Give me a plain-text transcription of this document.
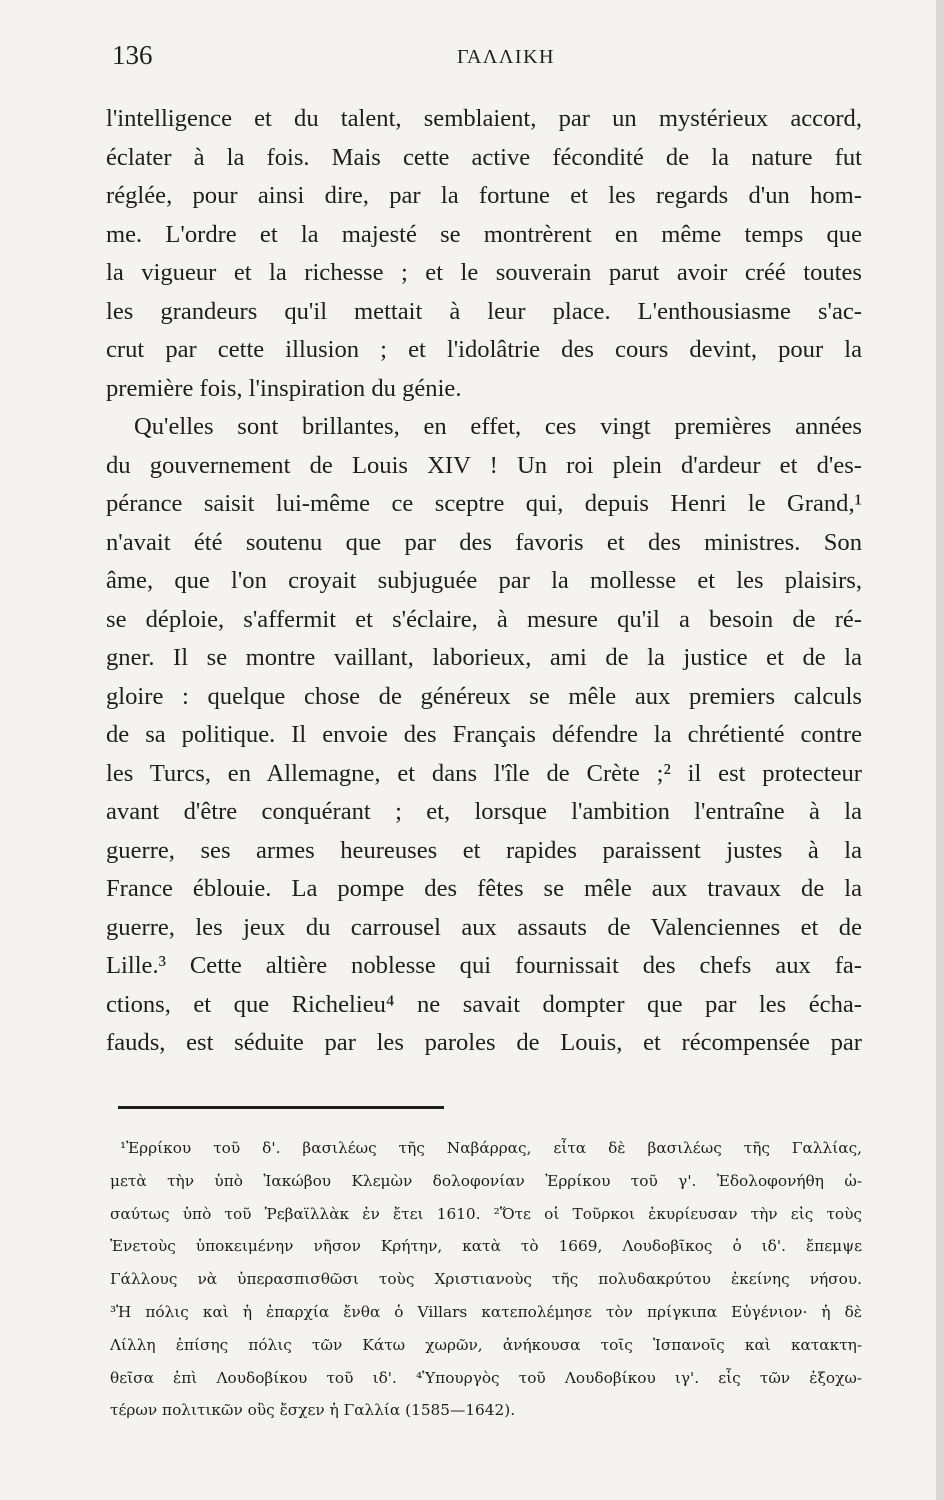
136	ΓΑΛΛΙΚΗ
l'intelligence et du talent, semblaient, par un mystérieux accord,
éclater à la fois. Mais cette active fécondité de la nature fut
réglée, pour ainsi dire, par la fortune et les regards d'un hom-
me. L'ordre et la majesté se montrèrent en même temps que
la vigueur et la richesse ; et le souverain parut avoir créé toutes
les grandeurs qu'il mettait à leur place. L'enthousiasme s'ac-
crut par cette illusion ; et l'idolâtrie des cours devint, pour la
première fois, l'inspiration du génie.
Qu'elles sont brillantes, en effet, ces vingt premières années
du gouvernement de Louis XIV ! Un roi plein d'ardeur et d'es-
pérance saisit lui-même ce sceptre qui, depuis Henri le Grand,¹
n'avait été soutenu que par des favoris et des ministres. Son
âme, que l'on croyait subjuguée par la mollesse et les plaisirs,
se déploie, s'affermit et s'éclaire, à mesure qu'il a besoin de ré-
gner. Il se montre vaillant, laborieux, ami de la justice et de la
gloire : quelque chose de généreux se mêle aux premiers calculs
de sa politique. Il envoie des Français défendre la chrétienté contre
les Turcs, en Allemagne, et dans l'île de Crète ;² il est protecteur
avant d'être conquérant ; et, lorsque l'ambition l'entraîne à la
guerre, ses armes heureuses et rapides paraissent justes à la
France éblouie. La pompe des fêtes se mêle aux travaux de la
guerre, les jeux du carrousel aux assauts de Valenciennes et de
Lille.³ Cette altière noblesse qui fournissait des chefs aux fa-
ctions, et que Richelieu⁴ ne savait dompter que par les écha-
fauds, est séduite par les paroles de Louis, et récompensée par
¹Ἐρρίκου τοῦ δ'. βασιλέως τῆς Ναβάρρας, εἶτα δὲ βασιλέως τῆς Γαλλίας,
μετὰ τὴν ὑπὸ Ἰακώβου Κλεμὼν δολοφονίαν Ἐρρίκου τοῦ γ'. Ἐδολοφονήθη ὡ-
σαύτως ὑπὸ τοῦ Ῥεβαϊλλὰκ ἐν ἔτει 1610. ²Ὅτε οἱ Τοῦρκοι ἐκυρίευσαν τὴν εἰς τοὺς
Ἐνετοὺς ὑποκειμένην νῆσον Κρήτην, κατὰ τὸ 1669, Λουδοβῖκος ὁ ιδ'. ἔπεμψε
Γάλλους νὰ ὑπερασπισθῶσι τοὺς Χριστιανοὺς τῆς πολυδακρύτου ἐκείνης νήσου.
³Ἡ πόλις καὶ ἡ ἐπαρχία ἔνθα ὁ Villars κατεπολέμησε τὸν πρίγκιπα Εὐγένιον· ἡ δὲ
Λίλλη ἐπίσης πόλις τῶν Κάτω χωρῶν, ἀνήκουσα τοῖς Ἱσπανοῖς καὶ κατακτη-
θεῖσα ἐπὶ Λουδοβίκου τοῦ ιδ'. ⁴Ὑπουργὸς τοῦ Λουδοβίκου ιγ'. εἷς τῶν ἐξοχω-
τέρων πολιτικῶν οὓς ἔσχεν ἡ Γαλλία (1585—1642).
